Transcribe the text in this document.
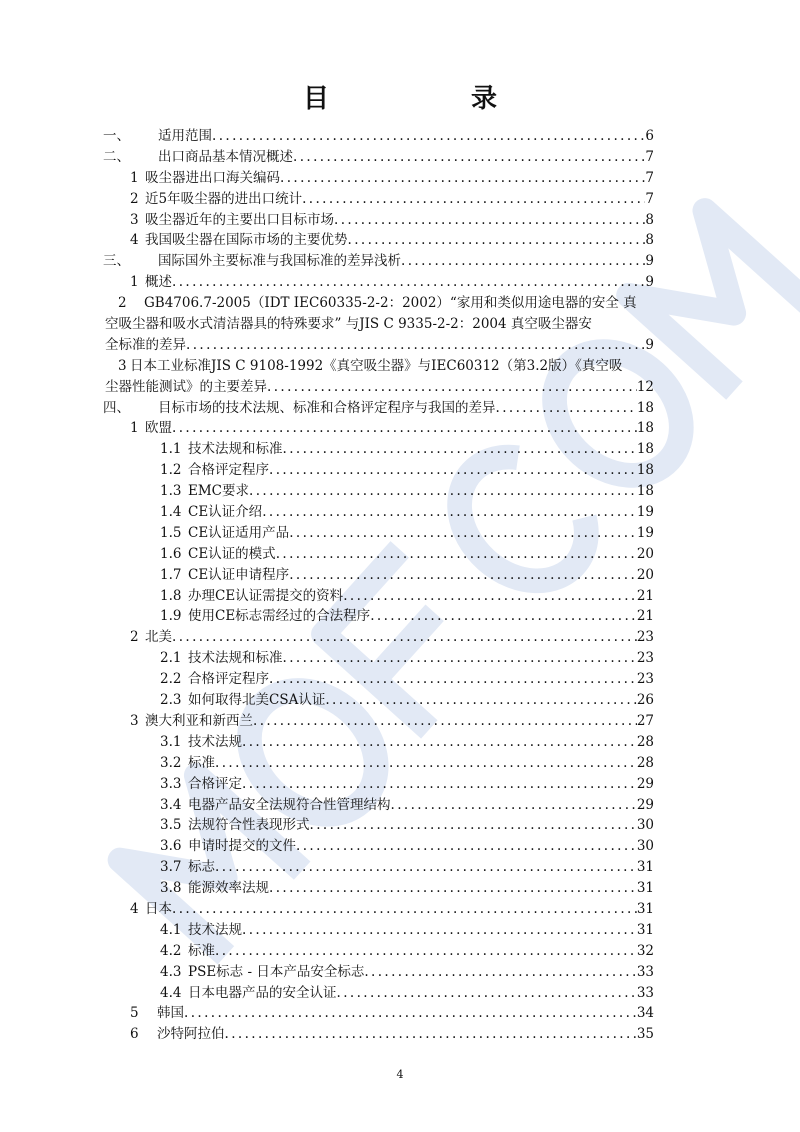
目　录
一、	适用范围 .....	6
二、	出口商品基本情况概述 .....	7
1 吸尘器进出口海关编码 .....	7
2 近5年吸尘器的进出口统计 .....	7
3 吸尘器近年的主要出口目标市场 .....	8
4 我国吸尘器在国际市场的主要优势 .....	8
三、	国际国外主要标准与我国标准的差异浅析 .....	9
1 概述 .....	9
2	GB4706.7-2005（IDT IEC60335-2-2：2002）“家用和类似用途电器的安全 真
空吸尘器和吸水式清洁器具的特殊要求” 与JIS C 9335-2-2：2004 真空吸尘器安
全标准的差异 .....	9
3 日本工业标准JIS C 9108-1992《真空吸尘器》与IEC60312（第3.2版）《真空吸
尘器性能测试》的主要差异 .....	12
四、	目标市场的技术法规、标准和合格评定程序与我国的差异 .....	18
1 欧盟 .....	18
1.1 技术法规和标准 .....	18
1.2 合格评定程序 .....	18
1.3 EMC要求 .....	18
1.4 CE认证介绍 .....	19
1.5 CE认证适用产品 .....	19
1.6 CE认证的模式 .....	20
1.7 CE认证申请程序 .....	20
1.8 办理CE认证需提交的资料 .....	21
1.9 使用CE标志需经过的合法程序 .....	21
2 北美 .....	23
2.1 技术法规和标准 .....	23
2.2 合格评定程序 .....	23
2.3 如何取得北美CSA认证 .....	26
3 澳大利亚和新西兰 .....	27
3.1 技术法规 .....	28
3.2 标准 .....	28
3.3 合格评定 .....	29
3.4 电器产品安全法规符合性管理结构 .....	29
3.5 法规符合性表现形式 .....	30
3.6 申请时提交的文件 .....	30
3.7 标志 .....	31
3.8 能源效率法规 .....	31
4 日本 .....	31
4.1 技术法规 .....	31
4.2 标准 .....	32
4.3 PSE标志 - 日本产品安全标志 .....	33
4.4 日本电器产品的安全认证 .....	33
5	韩国 .....	34
6	沙特阿拉伯 .....	35
4
